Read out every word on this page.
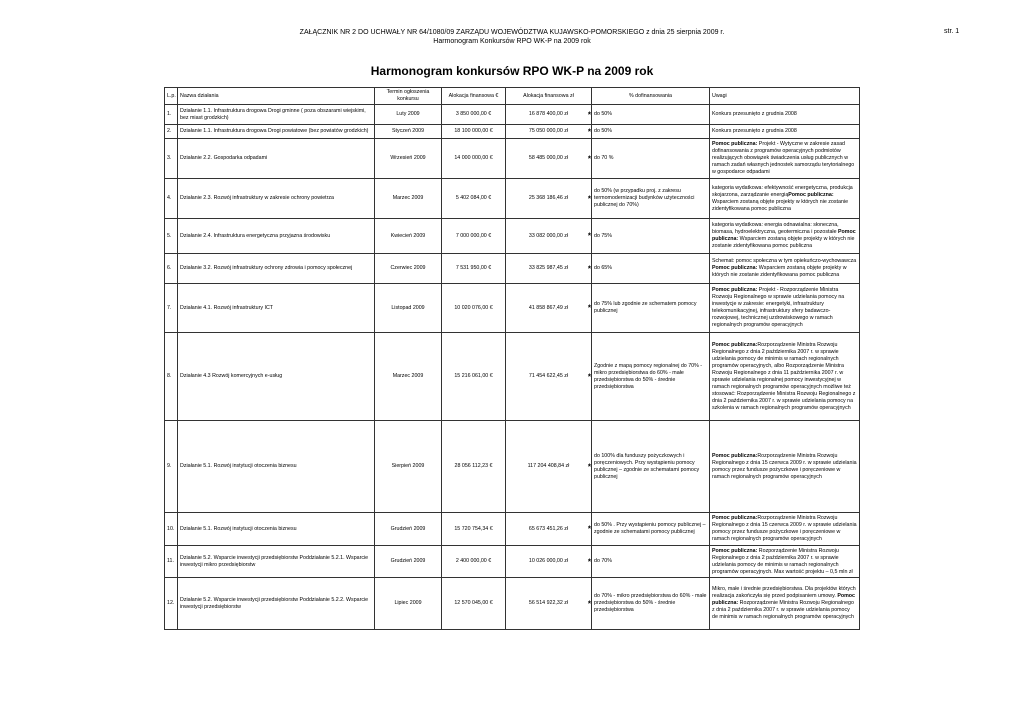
ZAŁĄCZNIK NR 2 DO UCHWAŁY NR 64/1080/09 ZARZĄDU WOJEWÓDZTWA KUJAWSKO-POMORSKIEGO z dnia 25 sierpnia 2009 r.
Harmonogram Konkursów RPO WK-P na 2009 rok
str. 1
Harmonogram konkursów RPO WK-P na 2009 rok
L.p.	Nazwa działania	Termin ogłoszenia konkursu	Alokacja finansowa €	Alokacja finansowa zł	% dofinansowania	Uwagi
1.	Działanie 1.1. Infrastruktura drogowa Drogi gminne ( poza obszarami wiejskimi, bez miast grodzkich)	Luty 2009	3 850 000,00 €	16 878 400,00 zł *	do 50%	Konkurs przesunięto z grudnia 2008
2.	Działanie 1.1. Infrastruktura drogowa Drogi powiatowe (bez powiatów grodzkich)	Styczeń 2009	18 100 000,00 €	75 050 000,00 zł *	do 50%	Konkurs przesunięto z grudnia 2008
3.	Działanie 2.2. Gospodarka odpadami	Wrzesień 2009	14 000 000,00 €	58 485 000,00 zł *	do 70 %	Pomoc publiczna: Projekt - Wytyczne w zakresie zasad dofinansowania z programów operacyjnych podmiotów realizujących obowiązek świadczenia usług publicznych w ramach zadań własnych jednostek samorządu terytorialnego w gospodarce odpadami
4.	Działanie 2.3. Rozwój infrastruktury w zakresie ochrony powietrza	Marzec 2009	5 402 084,00 €	25 368 186,46 zł *	do 50% (w przypadku proj. z zakresu termomodernizacji budynków użyteczności publicznej do 70%)	kategoria wydatkowa: efektywność energetyczna, produkcja skojarzona, zarządzanie energiąPomoc publiczna: Wsparciem zostaną objęte projekty w których nie zostanie zidentyfikowana pomoc publiczna
5.	Działanie 2.4. Infrastruktura energetyczna przyjazna środowisku	Kwiecień 2009	7 000 000,00 €	33 082 000,00 zł *	do 75%	kategoria wydatkowa: energia odnawialna: słoneczna, biomasa, hydroelektryczna, geotermiczna i pozostałe Pomoc publiczna: Wsparciem zostaną objęte projekty w których nie zostanie zidentyfikowana pomoc publiczna
6.	Działanie 3.2. Rozwój infrastruktury ochrony zdrowia i pomocy społecznej	Czerwiec 2009	7 531 950,00 €	33 825 987,45 zł *	do 65%	Schemat: pomoc społeczna w tym opiekuńczo-wychowawcza Pomoc publiczna: Wsparciem zostaną objęte projekty w których nie zostanie zidentyfikowana pomoc publiczna
7.	Działanie 4.1. Rozwój infrastruktury ICT	Listopad 2009	10 020 076,00 €	41 858 867,49 zł *	do 75% lub zgodnie ze schematem pomocy publicznej	Pomoc publiczna: Projekt - Rozporządzenie Ministra Rozwoju Regionalnego w sprawie udzielania pomocy na inwestycje w zakresie: energetyki, infrastruktury telekomunikacyjnej, infrastruktury sfery badawczo-rozwojowej, technicznej uzdrowiskowego w ramach regionalnych programów operacyjnych
8.	Działanie 4.3 Rozwój komercyjnych e-usług	Marzec 2009	15 216 061,00 €	71 454 622,45 zł *	Zgodnie z mapą pomocy regionalnej do 70% - mikro przedsiębiorstwa do 60% - małe przedsiębiorstwa do 50% - średnie przedsiębiorstwa	Pomoc publiczna:Rozporządzenie Ministra Rozwoju Regionalnego z dnia 2 października 2007 r. w sprawie udzielania pomocy de minimis w ramach regionalnych programów operacyjnych, albo Rozporządzenie Ministra Rozwoju Regionalnego z dnia 11 października 2007 r. w sprawie udzielania regionalnej pomocy inwestycyjnej w ramach regionalnych programów operacyjnych możliwe też stosować: Rozporządzenie Ministra Rozwoju Regionalnego z dnia 2 października 2007 r. w sprawie udzielania pomocy na szkolenia w ramach regionalnych programów operacyjnych
9.	Działanie 5.1. Rozwój instytucji otoczenia biznesu	Sierpień 2009	28 056 112,23 €	117 204 408,84 zł *	do 100% dla funduszy pożyczkowych i poręczeniowych. Przy wystąpieniu pomocy publicznej – zgodnie ze schematami pomocy publicznej	Pomoc publiczna:Rozporządzenie Ministra Rozwoju Regionalnego z dnia 15 czerwca 2009 r. w sprawie udzielania pomocy przez fundusze pożyczkowe i poręczeniowe w ramach regionalnych programów operacyjnych
10.	Działanie 5.1. Rozwój instytucji otoczenia biznesu	Grudzień 2009	15 720 754,34 €	65 673 451,26 zł *	do 50% . Przy wystąpieniu pomocy publicznej – zgodnie ze schematami pomocy publicznej	Pomoc publiczna:Rozporządzenie Ministra Rozwoju Regionalnego z dnia 15 czerwca 2009 r. w sprawie udzielania pomocy przez fundusze pożyczkowe i poręczeniowe w ramach regionalnych programów operacyjnych
11.	Działanie 5.2. Wsparcie inwestycji przedsiębiorstw Poddziałanie 5.2.1. Wsparcie inwestycji mikro przedsiębiorstw	Grudzień 2009	2 400 000,00 €	10 026 000,00 zł *	do 70%	Pomoc publiczna: Rozporządzenie Ministra Rozwoju Regionalnego z dnia 2 października 2007 r. w sprawie udzielania pomocy de minimis w ramach regionalnych programów operacyjnych. Max wartość projektu – 0,5 mln zł
12.	Działanie 5.2. Wsparcie inwestycji przedsiębiorstw Poddziałanie 5.2.2. Wsparcie inwestycji przedsiębiorstw	Lipiec 2009	12 570 045,00 €	56 514 922,32 zł *	do 70% - mikro przedsiębiorstwa do 60% - małe przedsiębiorstwa do 50% - średnie przedsiębiorstwa	Mikro, małe i średnie przedsiębiorstwa. Dla projektów których realizacja zakończyła się przed podpisaniem umowy. Pomoc publiczna: Rozporządzenie Ministra Rozwoju Regionalnego z dnia 2 października 2007 r. w sprawie udzielania pomocy de minimis w ramach regionalnych programów operacyjnych
